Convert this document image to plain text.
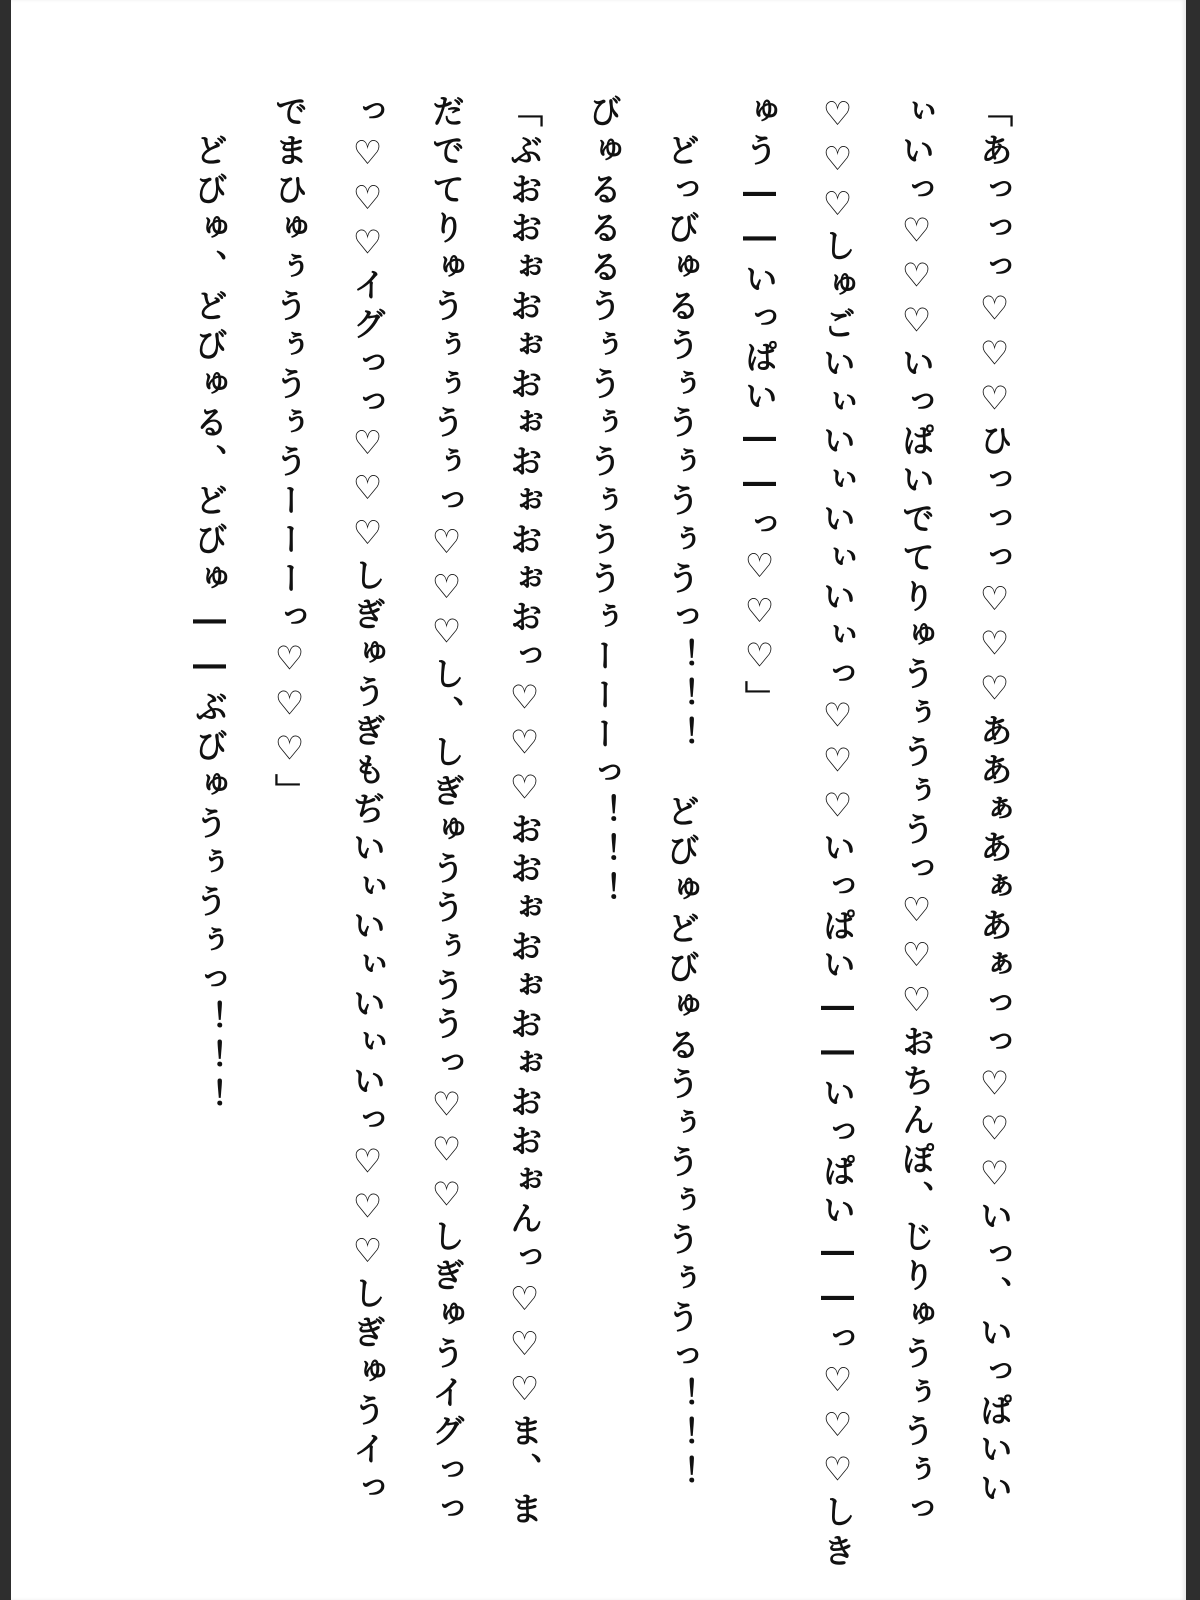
「あっっっ♡♡♡ひっっっ♡♡♡ああぁあぁあぁっっ♡♡♡いっ、いっぱいい
ぃいっ♡♡♡いっぱいでてりゅうぅうぅうっ♡♡♡おちんぽ、じりゅうぅうぅっ
♡♡♡しゅごいぃいぃいぃいぃっ♡♡♡いっぱい――いっぱい――っ♡♡♡しき
ゅう――いっぱい――っ♡♡♡」
　どっびゅるうぅうぅうぅうっ！！！　どびゅどびゅるうぅうぅうぅうっ！！！
びゅるるるうぅうぅうぅううぅーーーっ！！！
「ぶおおぉおぉおぉおぉおぉおっ♡♡♡おおぉおぉおぉおおぉんっ♡♡♡ま、ま
だでてりゅうぅぅうぅっ♡♡♡し、しぎゅううぅううっ♡♡♡しぎゅうイグっっ
っ♡♡♡イグっっ♡♡♡しぎゅうぎもぢいぃいぃいぃいっ♡♡♡しぎゅうイっ
でまひゅぅうぅうぅうーーーっ♡♡♡」
　どびゅ、どびゅる、どびゅ――ぶびゅうぅうぅっ！！！
